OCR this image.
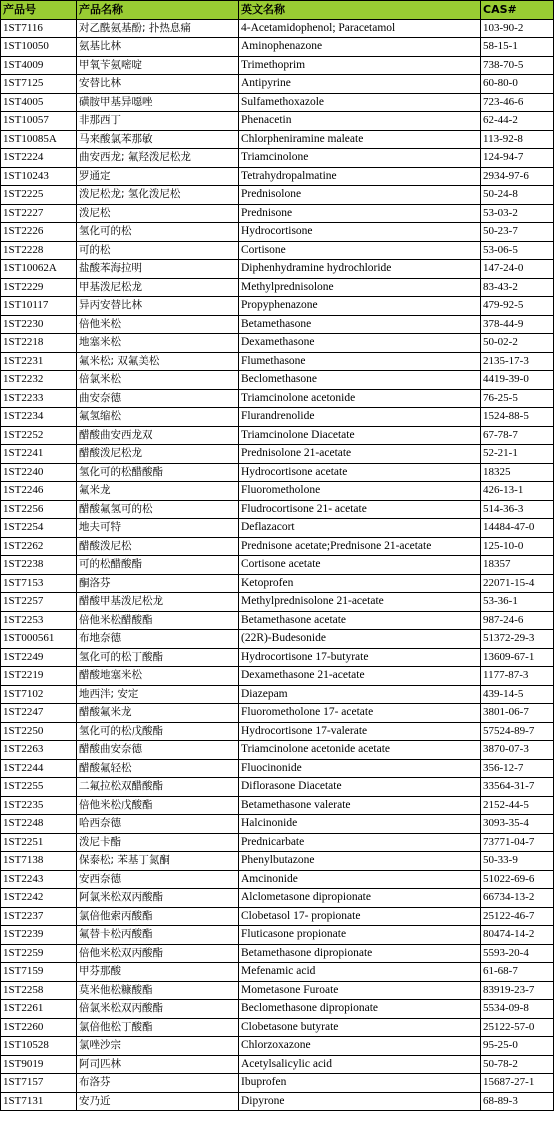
产品号	产品名称	英文名称	CAS#
1ST7116	对乙酰氨基酚; 扑热息痛	4-Acetamidophenol; Paracetamol	103-90-2
1ST10050	氨基比林	Aminophenazone	58-15-1
1ST4009	甲氧苄氨嘧啶	Trimethoprim	738-70-5
1ST7125	安替比林	Antipyrine	60-80-0
1ST4005	磺胺甲基异噁唑	Sulfamethoxazole	723-46-6
1ST10057	非那西丁	Phenacetin	62-44-2
1ST10085A	马来酸氯苯那敏	Chlorpheniramine maleate	113-92-8
1ST2224	曲安西龙; 氟羟泼尼松龙	Triamcinolone	124-94-7
1ST10243	罗通定	Tetrahydropalmatine	2934-97-6
1ST2225	泼尼松龙; 氢化泼尼松	Prednisolone	50-24-8
1ST2227	泼尼松	Prednisone	53-03-2
1ST2226	氢化可的松	Hydrocortisone	50-23-7
1ST2228	可的松	Cortisone	53-06-5
1ST10062A	盐酸苯海拉明	Diphenhydramine hydrochloride	147-24-0
1ST2229	甲基泼尼松龙	Methylprednisolone	83-43-2
1ST10117	异丙安替比林	Propyphenazone	479-92-5
1ST2230	倍他米松	Betamethasone	378-44-9
1ST2218	地塞米松	Dexamethasone	50-02-2
1ST2231	氟米松; 双氟美松	Flumethasone	2135-17-3
1ST2232	倍氯米松	Beclomethasone	4419-39-0
1ST2233	曲安奈德	Triamcinolone acetonide	76-25-5
1ST2234	氟氢缩松	Flurandrenolide	1524-88-5
1ST2252	醋酸曲安西龙双	Triamcinolone Diacetate	67-78-7
1ST2241	醋酸泼尼松龙	Prednisolone 21-acetate	52-21-1
1ST2240	氢化可的松醋酸酯	Hydrocortisone acetate	18325
1ST2246	氟米龙	Fluorometholone	426-13-1
1ST2256	醋酸氟氢可的松	Fludrocortisone 21- acetate	514-36-3
1ST2254	地夫可特	Deflazacort	14484-47-0
1ST2262	醋酸泼尼松	Prednisone acetate;Prednisone 21-acetate	125-10-0
1ST2238	可的松醋酸酯	Cortisone acetate	18357
1ST7153	酮洛芬	Ketoprofen	22071-15-4
1ST2257	醋酸甲基泼尼松龙	Methylprednisolone 21-acetate	53-36-1
1ST2253	倍他米松醋酸酯	Betamethasone acetate	987-24-6
1ST000561	布地奈德	(22R)-Budesonide	51372-29-3
1ST2249	氢化可的松丁酸酯	Hydrocortisone 17-butyrate	13609-67-1
1ST2219	醋酸地塞米松	Dexamethasone 21-acetate	1177-87-3
1ST7102	地西泮; 安定	Diazepam	439-14-5
1ST2247	醋酸氟米龙	Fluorometholone 17- acetate	3801-06-7
1ST2250	氢化可的松戊酸酯	Hydrocortisone 17-valerate	57524-89-7
1ST2263	醋酸曲安奈德	Triamcinolone acetonide acetate	3870-07-3
1ST2244	醋酸氟轻松	Fluocinonide	356-12-7
1ST2255	二氟拉松双醋酸酯	Diflorasone Diacetate	33564-31-7
1ST2235	倍他米松戊酸酯	Betamethasone valerate	2152-44-5
1ST2248	哈西奈德	Halcinonide	3093-35-4
1ST2251	泼尼卡酯	Prednicarbate	73771-04-7
1ST7138	保泰松; 苯基丁氮酮	Phenylbutazone	50-33-9
1ST2243	安西奈德	Amcinonide	51022-69-6
1ST2242	阿氯米松双丙酸酯	Alclometasone dipropionate	66734-13-2
1ST2237	氯倍他索丙酸酯	Clobetasol 17- propionate	25122-46-7
1ST2239	氟替卡松丙酸酯	Fluticasone propionate	80474-14-2
1ST2259	倍他米松双丙酸酯	Betamethasone dipropionate	5593-20-4
1ST7159	甲芬那酸	Mefenamic acid	61-68-7
1ST2258	莫米他松糠酸酯	Mometasone Furoate	83919-23-7
1ST2261	倍氯米松双丙酸酯	Beclomethasone dipropionate	5534-09-8
1ST2260	氯倍他松丁酸酯	Clobetasone butyrate	25122-57-0
1ST10528	氯唑沙宗	Chlorzoxazone	95-25-0
1ST9019	阿司匹林	Acetylsalicylic acid	50-78-2
1ST7157	布洛芬	Ibuprofen	15687-27-1
1ST7131	安乃近	Dipyrone	68-89-3
